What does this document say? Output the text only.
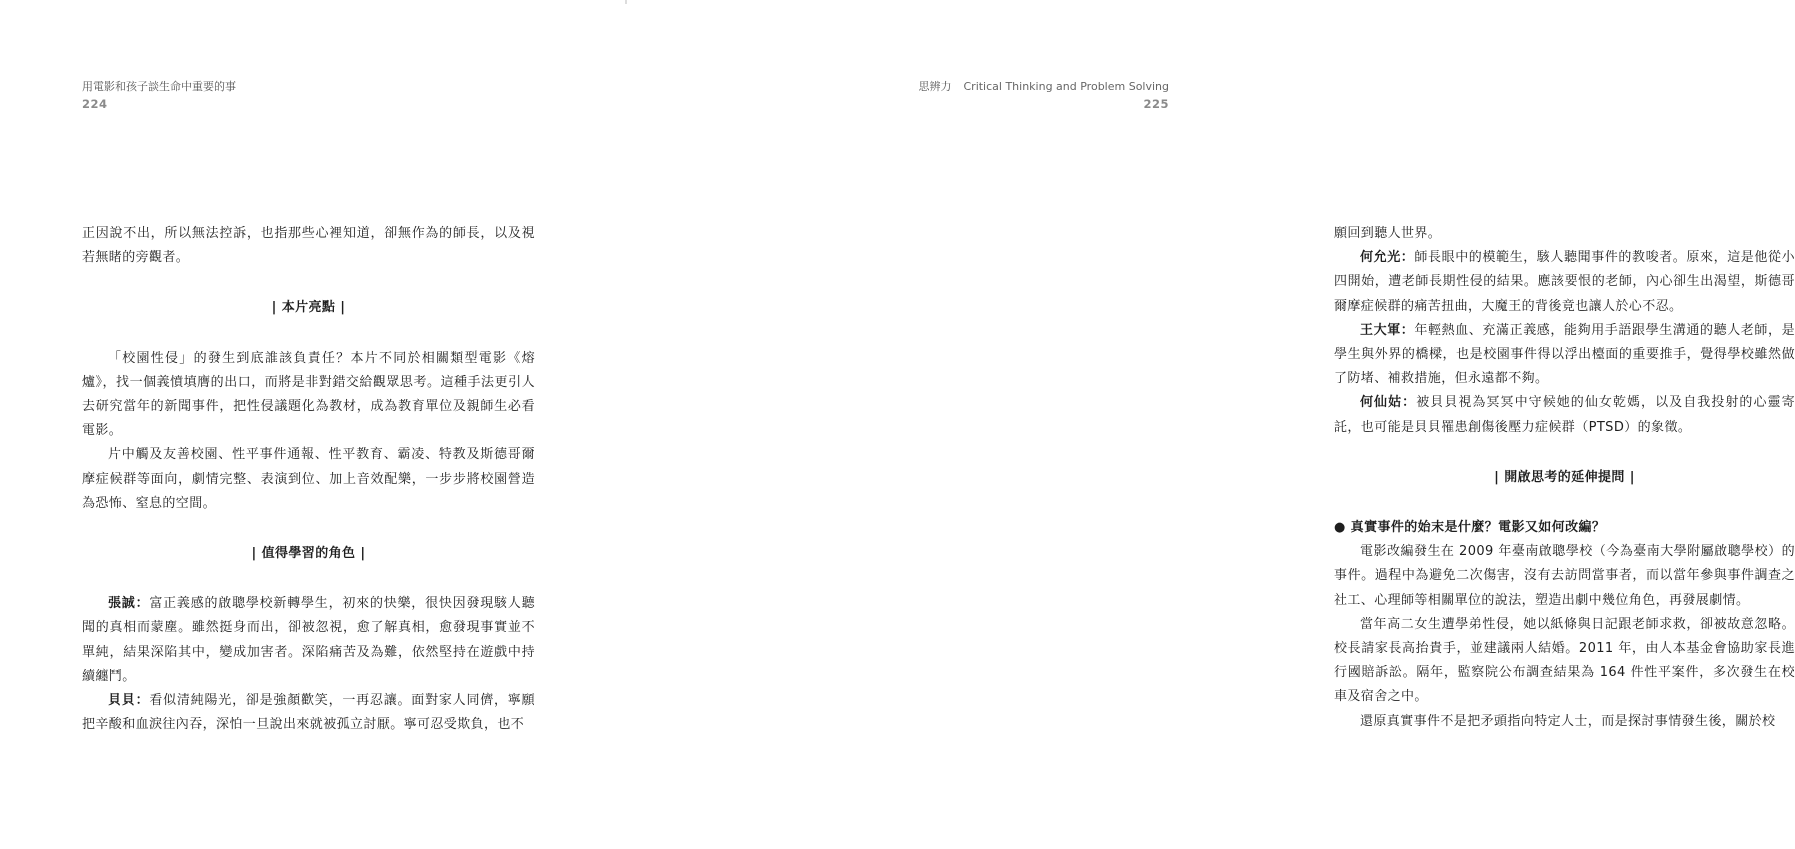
用電影和孩子談生命中重要的事
224

正因說不出，所以無法控訴，也指那些心裡知道，卻無作為的師長，以及視若無睹的旁觀者。

| 本片亮點 |

「校園性侵」的發生到底誰該負責任？本片不同於相關類型電影《熔爐》，找一個義憤填膺的出口，而將是非對錯交給觀眾思考。這種手法更引人去研究當年的新聞事件，把性侵議題化為教材，成為教育單位及親師生必看電影。

片中觸及友善校園、性平事件通報、性平教育、霸凌、特教及斯德哥爾摩症候群等面向，劇情完整、表演到位、加上音效配樂，一步步將校園營造為恐怖、窒息的空間。

| 值得學習的角色 |

張誠：富正義感的啟聰學校新轉學生，初來的快樂，很快因發現駭人聽聞的真相而蒙塵。雖然挺身而出，卻被忽視，愈了解真相，愈發現事實並不單純，結果深陷其中，變成加害者。深陷痛苦及為難，依然堅持在遊戲中持續纏鬥。

貝貝：看似清純陽光，卻是強顏歡笑，一再忍讓。面對家人同儕，寧願把辛酸和血淚往內吞，深怕一旦說出來就被孤立討厭。寧可忍受欺負，也不

思辨力 Critical Thinking and Problem Solving
225

願回到聽人世界。

何允光：師長眼中的模範生，駭人聽聞事件的教唆者。原來，這是他從小四開始，遭老師長期性侵的結果。應該要恨的老師，內心卻生出渴望，斯德哥爾摩症候群的痛苦扭曲，大魔王的背後竟也讓人於心不忍。

王大軍：年輕熱血、充滿正義感，能夠用手語跟學生溝通的聽人老師，是學生與外界的橋樑，也是校園事件得以浮出檯面的重要推手，覺得學校雖然做了防堵、補救措施，但永遠都不夠。

何仙姑：被貝貝視為冥冥中守候她的仙女乾媽，以及自我投射的心靈寄託，也可能是貝貝罹患創傷後壓力症候群（PTSD）的象徵。

| 開啟思考的延伸提問 |

● 真實事件的始末是什麼？電影又如何改編？

電影改編發生在 2009 年臺南啟聰學校（今為臺南大學附屬啟聰學校）的事件。過程中為避免二次傷害，沒有去訪問當事者，而以當年參與事件調查之社工、心理師等相關單位的說法，塑造出劇中幾位角色，再發展劇情。

當年高二女生遭學弟性侵，她以紙條與日記跟老師求救，卻被故意忽略。校長請家長高抬貴手，並建議兩人結婚。2011 年，由人本基金會協助家長進行國賠訴訟。隔年，監察院公布調查結果為 164 件性平案件，多次發生在校車及宿舍之中。

還原真實事件不是把矛頭指向特定人士，而是探討事情發生後，關於校
